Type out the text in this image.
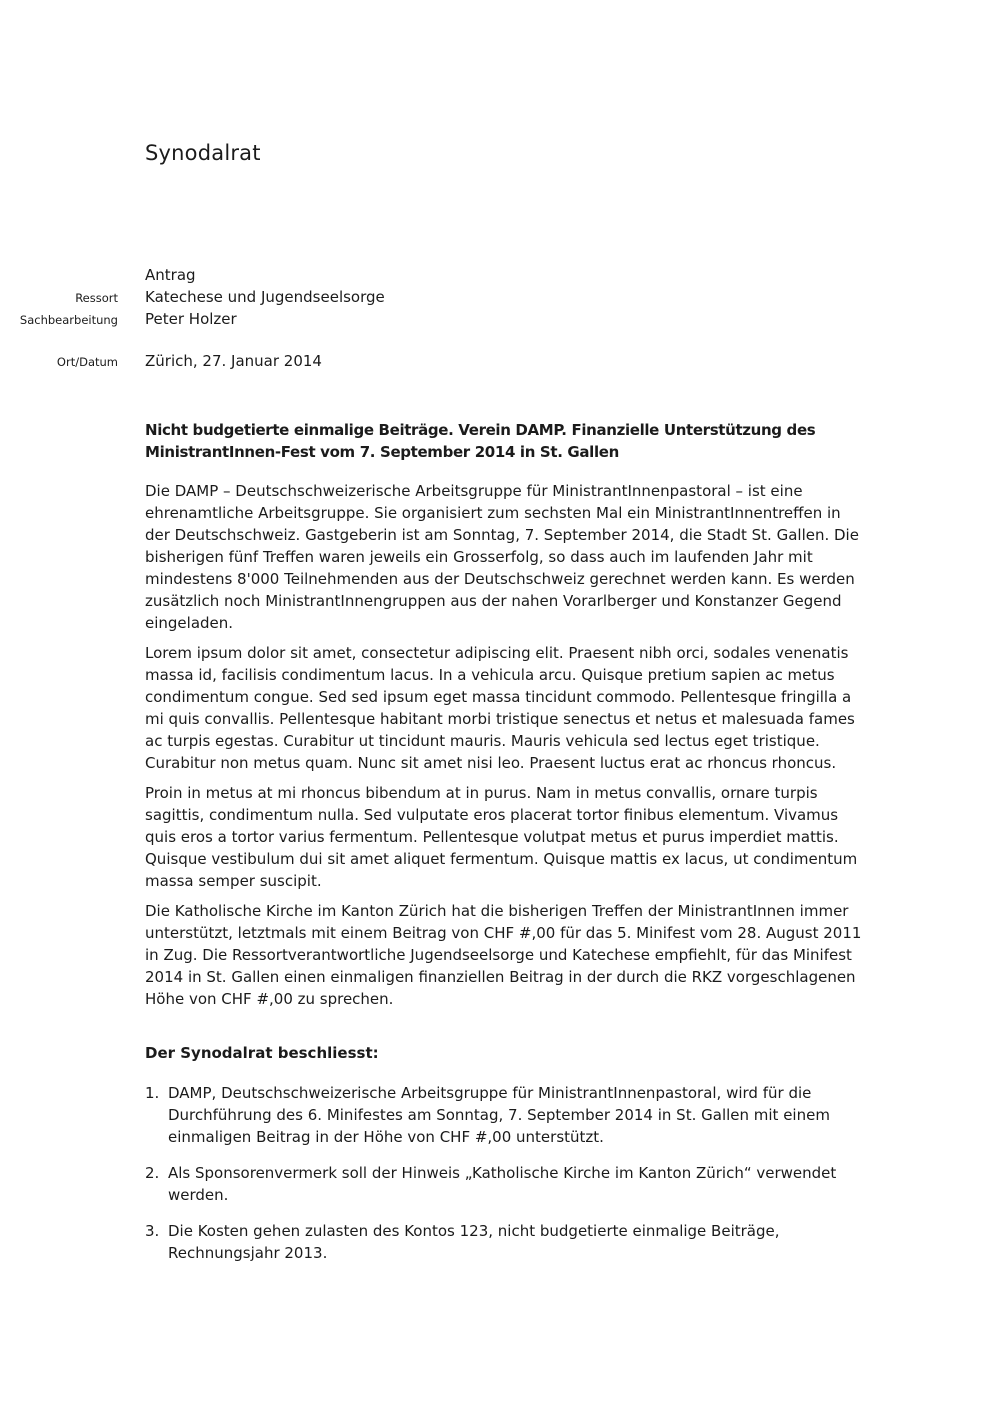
Synodalrat
Antrag
Ressort Katechese und Jugendseelsorge
Sachbearbeitung Peter Holzer
Ort/Datum Zürich, 27. Januar 2014
Nicht budgetierte einmalige Beiträge. Verein DAMP. Finanzielle Unterstützung des MinistrantInnen-Fest vom 7. September 2014 in St. Gallen

Die DAMP – Deutschschweizerische Arbeitsgruppe für MinistrantInnenpastoral – ist eine ehrenamtliche Arbeitsgruppe. Sie organisiert zum sechsten Mal ein MinistrantInnentreffen in der Deutschschweiz. Gastgeberin ist am Sonntag, 7. September 2014, die Stadt St. Gallen. Die bisherigen fünf Treffen waren jeweils ein Grosserfolg, so dass auch im laufenden Jahr mit mindestens 8'000 Teilnehmenden aus der Deutschschweiz gerechnet werden kann. Es werden zusätzlich noch MinistrantInnengruppen aus der nahen Vorarlberger und Konstanzer Gegend eingeladen.

Lorem ipsum dolor sit amet, consectetur adipiscing elit. Praesent nibh orci, sodales venenatis massa id, facilisis condimentum lacus. In a vehicula arcu. Quisque pretium sapien ac metus condimentum congue. Sed sed ipsum eget massa tincidunt commodo. Pellentesque fringilla a mi quis convallis. Pellentesque habitant morbi tristique senectus et netus et malesuada fames ac turpis egestas. Curabitur ut tincidunt mauris. Mauris vehicula sed lectus eget tristique. Curabitur non metus quam. Nunc sit amet nisi leo. Praesent luctus erat ac rhoncus rhoncus.

Proin in metus at mi rhoncus bibendum at in purus. Nam in metus convallis, ornare turpis sagittis, condimentum nulla. Sed vulputate eros placerat tortor finibus elementum. Vivamus quis eros a tortor varius fermentum. Pellentesque volutpat metus et purus imperdiet mattis. Quisque vestibulum dui sit amet aliquet fermentum. Quisque mattis ex lacus, ut condimentum massa semper suscipit.

Die Katholische Kirche im Kanton Zürich hat die bisherigen Treffen der MinistrantInnen immer unterstützt, letztmals mit einem Beitrag von CHF #,00 für das 5. Minifest vom 28. August 2011 in Zug. Die Ressortverantwortliche Jugendseelsorge und Katechese empfiehlt, für das Minifest 2014 in St. Gallen einen einmaligen finanziellen Beitrag in der durch die RKZ vorgeschlagenen Höhe von CHF #,00 zu sprechen.

Der Synodalrat beschliesst:
1. DAMP, Deutschschweizerische Arbeitsgruppe für MinistrantInnenpastoral, wird für die Durchführung des 6. Minifestes am Sonntag, 7. September 2014 in St. Gallen mit einem einmaligen Beitrag in der Höhe von CHF #,00 unterstützt.
2. Als Sponsorenvermerk soll der Hinweis „Katholische Kirche im Kanton Zürich“ verwendet werden.
3. Die Kosten gehen zulasten des Kontos 123, nicht budgetierte einmalige Beiträge, Rechnungsjahr 2013.
